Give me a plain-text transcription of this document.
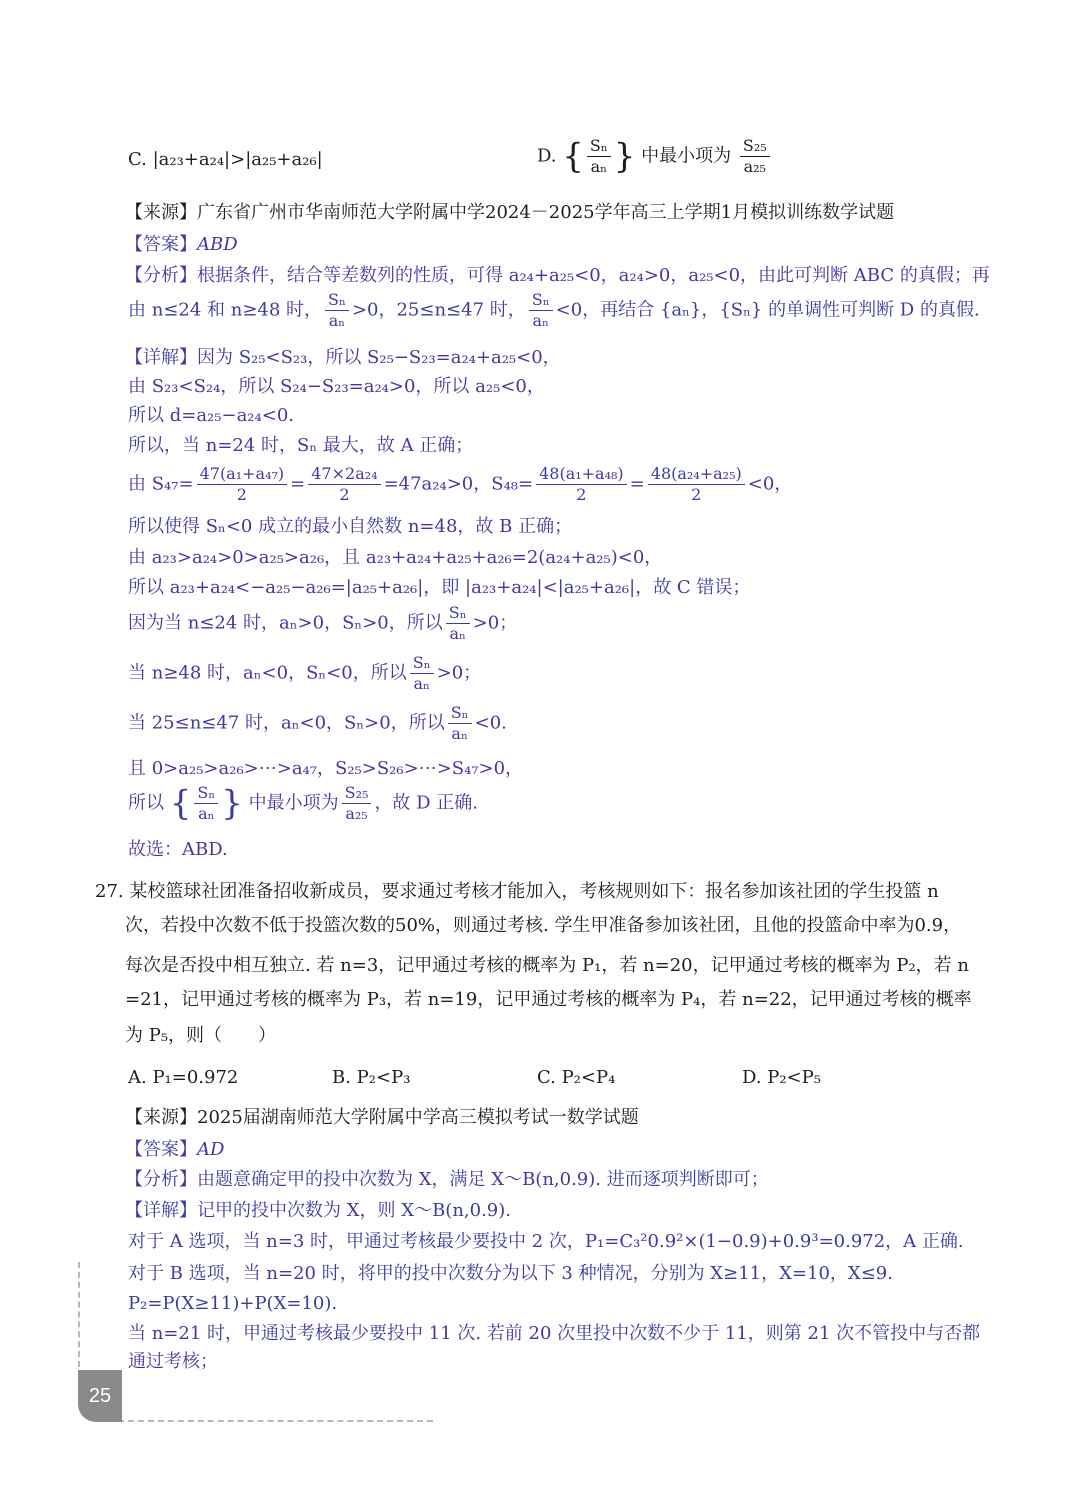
C. |a₂₃+a₂₄|>|a₂₅+a₂₆|	D. { $\frac{\text{Sₙ}}{\text{aₙ}}$ } 中最小项为 $\frac{\text{S₂₅}}{\text{a₂₅}}$
【来源】广东省广州市华南师范大学附属中学2024－2025学年高三上学期1月模拟训练数学试题
【答案】ABD
【分析】根据条件，结合等差数列的性质，可得 a₂₄+a₂₅<0，a₂₄>0，a₂₅<0，由此可判断 ABC 的真假；再
由 n≤24 和 n≥48 时， $\frac{\text{Sₙ}}{\text{aₙ}} >0$，25≤n≤47 时， $\frac{\text{Sₙ}}{\text{aₙ}} <0$，再结合 {aₙ}，{Sₙ} 的单调性可判断 D 的真假.
【详解】因为 S₂₅<S₂₃，所以 S₂₅−S₂₃=a₂₄+a₂₅<0，
由 S₂₃<S₂₄，所以 S₂₄−S₂₃=a₂₄>0，所以 a₂₅<0，
所以 d=a₂₅−a₂₄<0.
所以，当 n=24 时，Sₙ 最大，故 A 正确；
由 $S_{47}= \frac{\text{47(a₁+a₄₇)}}{2} = \frac{\text{47×2a₂₄}}{2} =47a_{24}>0$，$S_{48}= \frac{\text{48(a₁+a₄₈)}}{2} = \frac{\text{48(a₂₄+a₂₅)}}{2} <0$，
所以使得 Sₙ<0 成立的最小自然数 n=48，故 B 正确；
由 a₂₃>a₂₄>0>a₂₅>a₂₆，且 a₂₃+a₂₄+a₂₅+a₂₆=2(a₂₄+a₂₅)<0，
所以 a₂₃+a₂₄<−a₂₅−a₂₆=|a₂₅+a₂₆|，即 |a₂₃+a₂₄|<|a₂₅+a₂₆|，故 C 错误；
因为当 n≤24 时，aₙ>0，Sₙ>0，所以 $\frac{\text{Sₙ}}{\text{aₙ}} >0$；
当 n≥48 时，aₙ<0，Sₙ<0，所以 $\frac{\text{Sₙ}}{\text{aₙ}} >0$；
当 25≤n≤47 时，aₙ<0，Sₙ>0，所以 $\frac{\text{Sₙ}}{\text{aₙ}} <0$.
且 0>a₂₅>a₂₆>⋯>a₄₇，S₂₅>S₂₆>⋯>S₄₇>0，
所以 { $\frac{\text{Sₙ}}{\text{aₙ}}$ } 中最小项为 $\frac{\text{S₂₅}}{\text{a₂₅}}$ ，故 D 正确.
故选：ABD.
27. 某校篮球社团准备招收新成员，要求通过考核才能加入，考核规则如下：报名参加该社团的学生投篮 n
次，若投中次数不低于投篮次数的50%，则通过考核. 学生甲准备参加该社团，且他的投篮命中率为0.9，
每次是否投中相互独立. 若 n=3，记甲通过考核的概率为 P₁，若 n=20，记甲通过考核的概率为 P₂，若 n
=21，记甲通过考核的概率为 P₃，若 n=19，记甲通过考核的概率为 P₄，若 n=22，记甲通过考核的概率
为 P₅，则（　　）
A. P₁=0.972	B. P₂<P₃	C. P₂<P₄	D. P₂<P₅
【来源】2025届湖南师范大学附属中学高三模拟考试一数学试题
【答案】AD
【分析】由题意确定甲的投中次数为 X，满足 X～B(n,0.9). 进而逐项判断即可；
【详解】记甲的投中次数为 X，则 X～B(n,0.9).
对于 A 选项，当 n=3 时，甲通过考核最少要投中 2 次，P₁=C₃²0.9²×(1−0.9)+0.9³=0.972，A 正确.
对于 B 选项，当 n=20 时，将甲的投中次数分为以下 3 种情况，分别为 X≥11，X=10，X≤9.
P₂=P(X≥11)+P(X=10).
当 n=21 时，甲通过考核最少要投中 11 次. 若前 20 次里投中次数不少于 11，则第 21 次不管投中与否都
通过考核；
25
